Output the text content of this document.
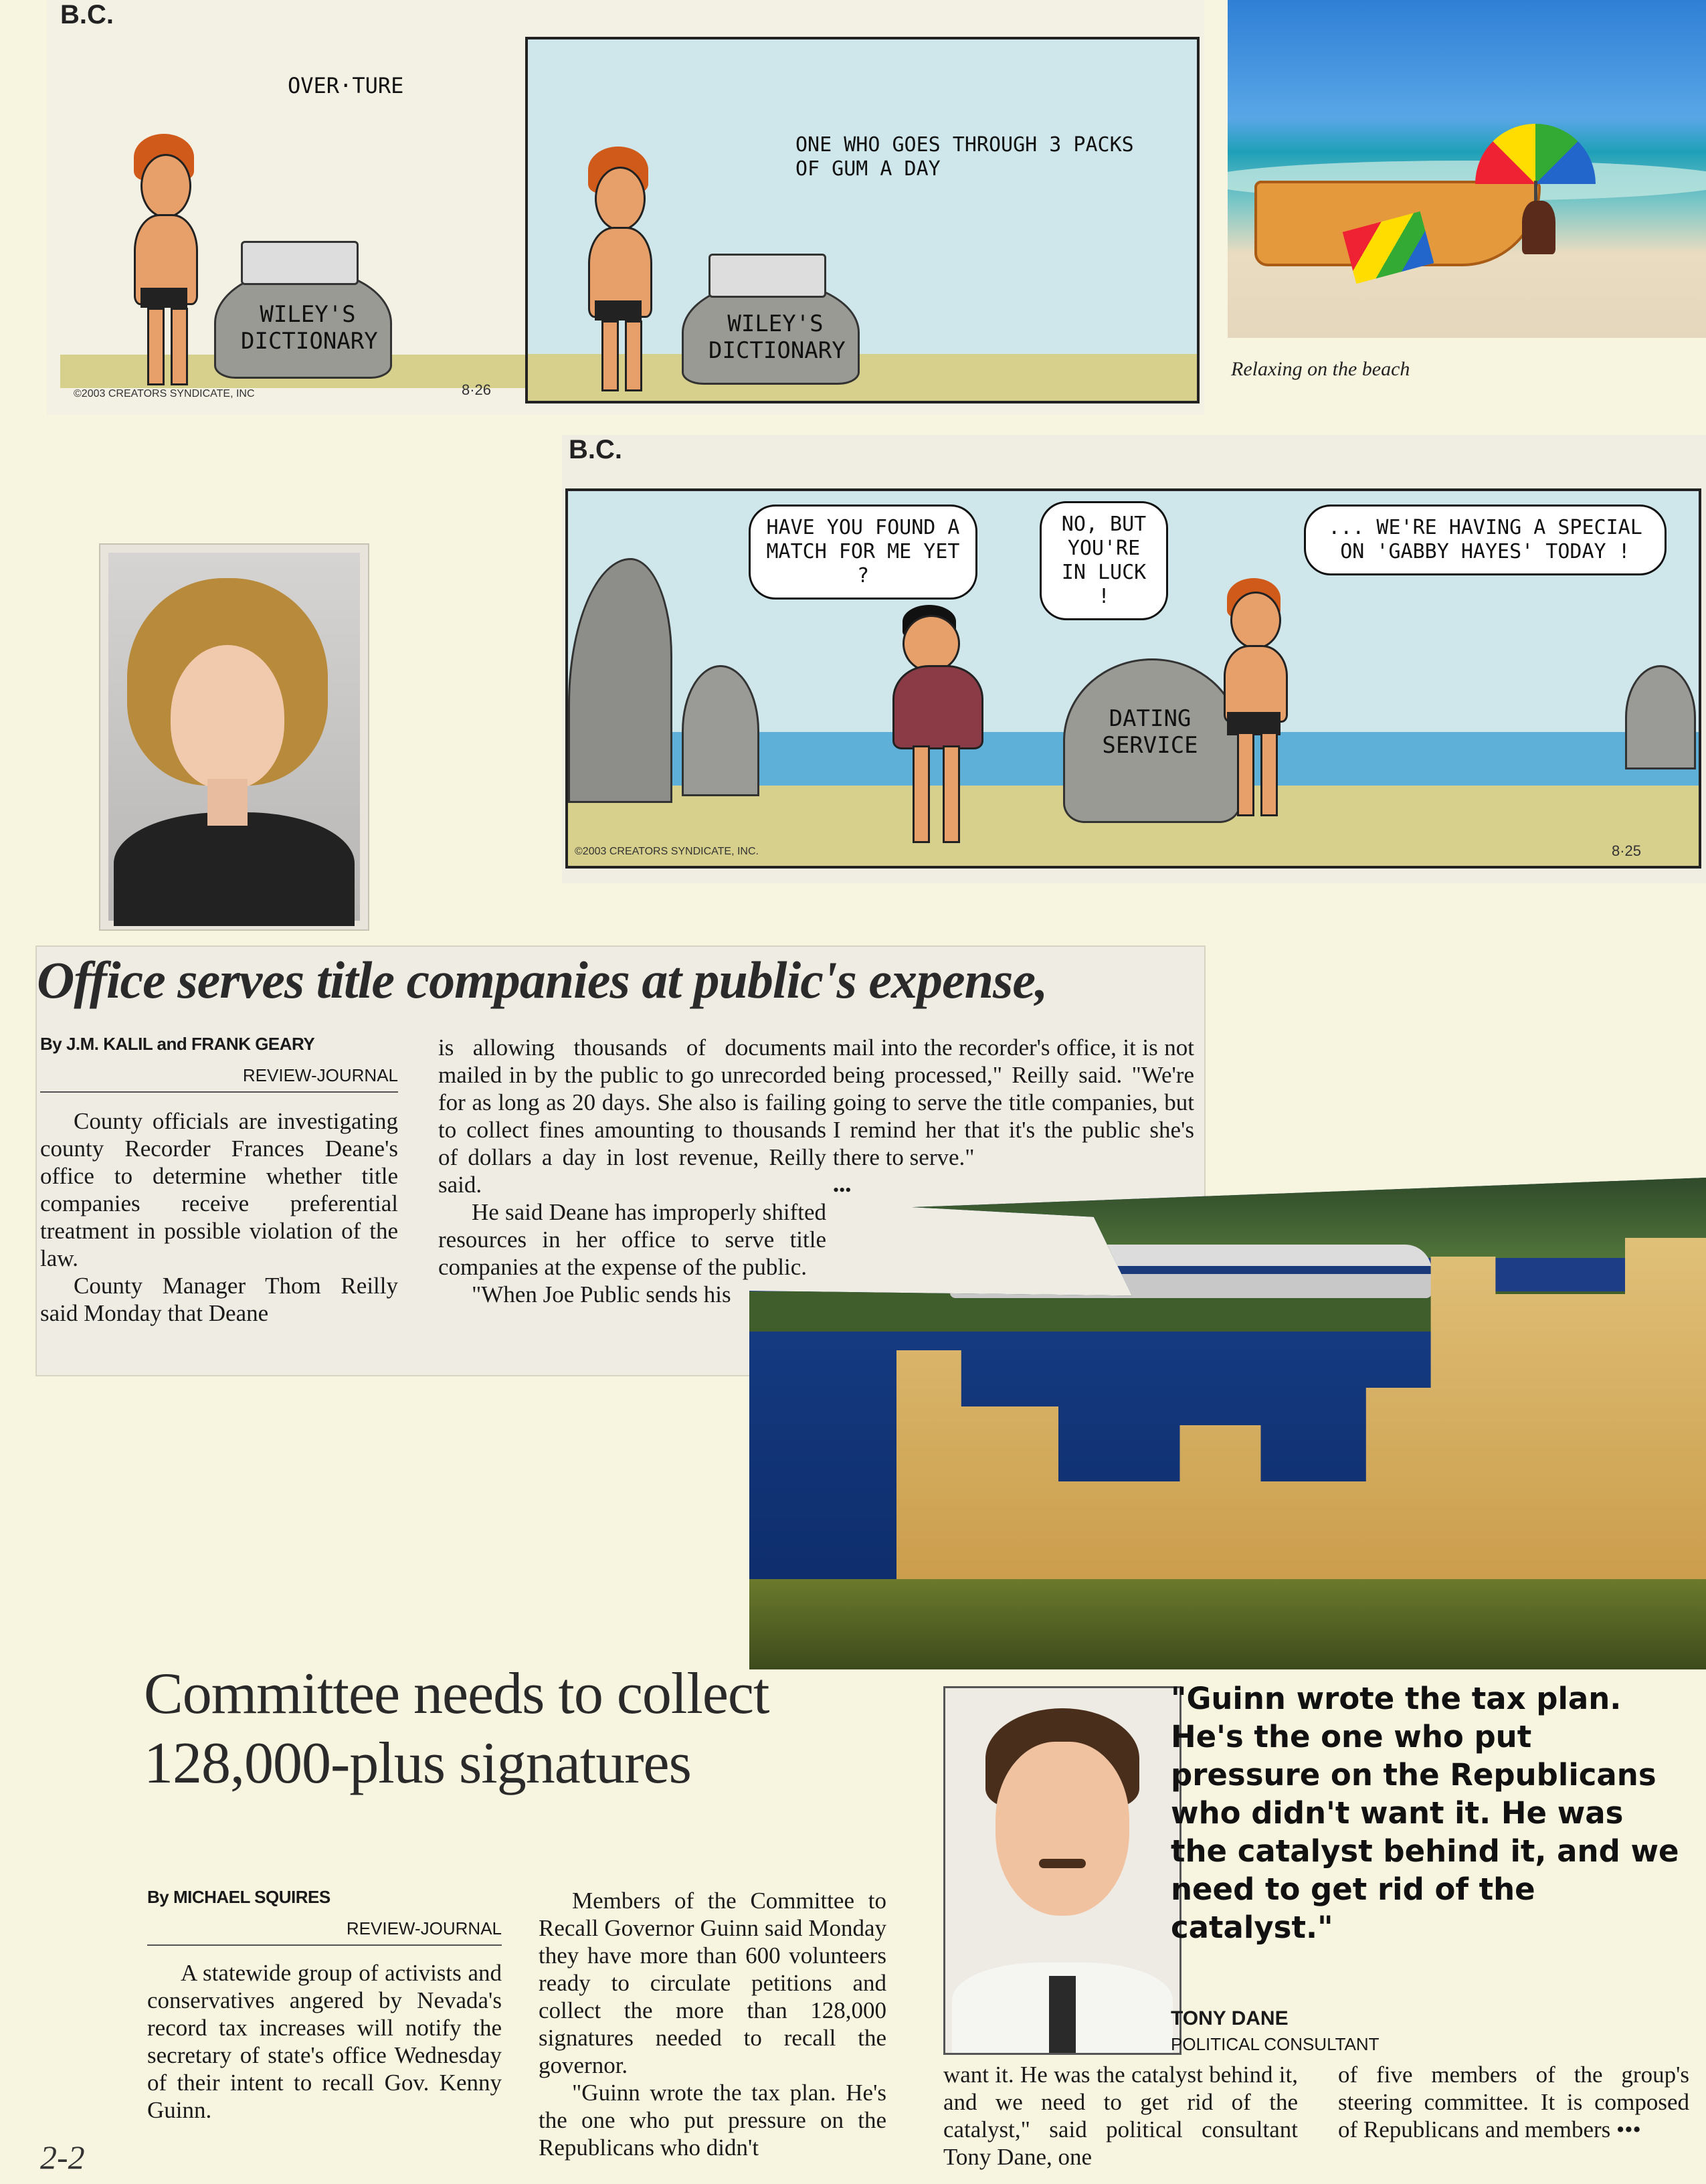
B.C.
OVER·TURE
WILEY'S DICTIONARY
©2003 CREATORS SYNDICATE, INC	8·26
ONE WHO GOES THROUGH 3 PACKS OF GUM A DAY
WILEY'S DICTIONARY
Relaxing on the beach
B.C.
HAVE YOU FOUND A MATCH FOR ME YET ?
NO, BUT YOU'RE IN LUCK !
... WE'RE HAVING A SPECIAL ON 'GABBY HAYES' TODAY !
DATING SERVICE
©2003 CREATORS SYNDICATE, INC.	8·25
Office serves title companies at public's expense,
By J.M. KALIL and FRANK GEARY
REVIEW-JOURNAL

County officials are investigating county Recorder Frances Deane's office to determine whether title companies receive preferential treatment in possible violation of the law.

County Manager Thom Reilly said Monday that Deane

is allowing thousands of documents mailed in by the public to go unrecorded for as long as 20 days. She also is failing to collect fines amounting to thousands of dollars a day in lost revenue, Reilly said.

He said Deane has improperly shifted resources in her office to serve title companies at the expense of the public.

"When Joe Public sends his

mail into the recorder's office, it is not being processed," Reilly said. "We're going to serve the title companies, but I remind her that it's the public she's there to serve."

•••
Committee needs to collect
128,000-plus signatures
By MICHAEL SQUIRES
REVIEW-JOURNAL

A statewide group of activists and conservatives angered by Nevada's record tax increases will notify the secretary of state's office Wednesday of their intent to recall Gov. Kenny Guinn.

Members of the Committee to Recall Governor Guinn said Monday they have more than 600 volunteers ready to circulate petitions and collect the more than 128,000 signatures needed to recall the governor.

"Guinn wrote the tax plan. He's the one who put pressure on the Republicans who didn't

"Guinn wrote the tax plan. He's the one who put pressure on the Republicans who didn't want it. He was the catalyst behind it, and we need to get rid of the catalyst."
TONY DANE
POLITICAL CONSULTANT

want it. He was the catalyst behind it, and we need to get rid of the catalyst," said political consultant Tony Dane, one

of five members of the group's steering committee. It is composed of Republicans and members •••

2-2
